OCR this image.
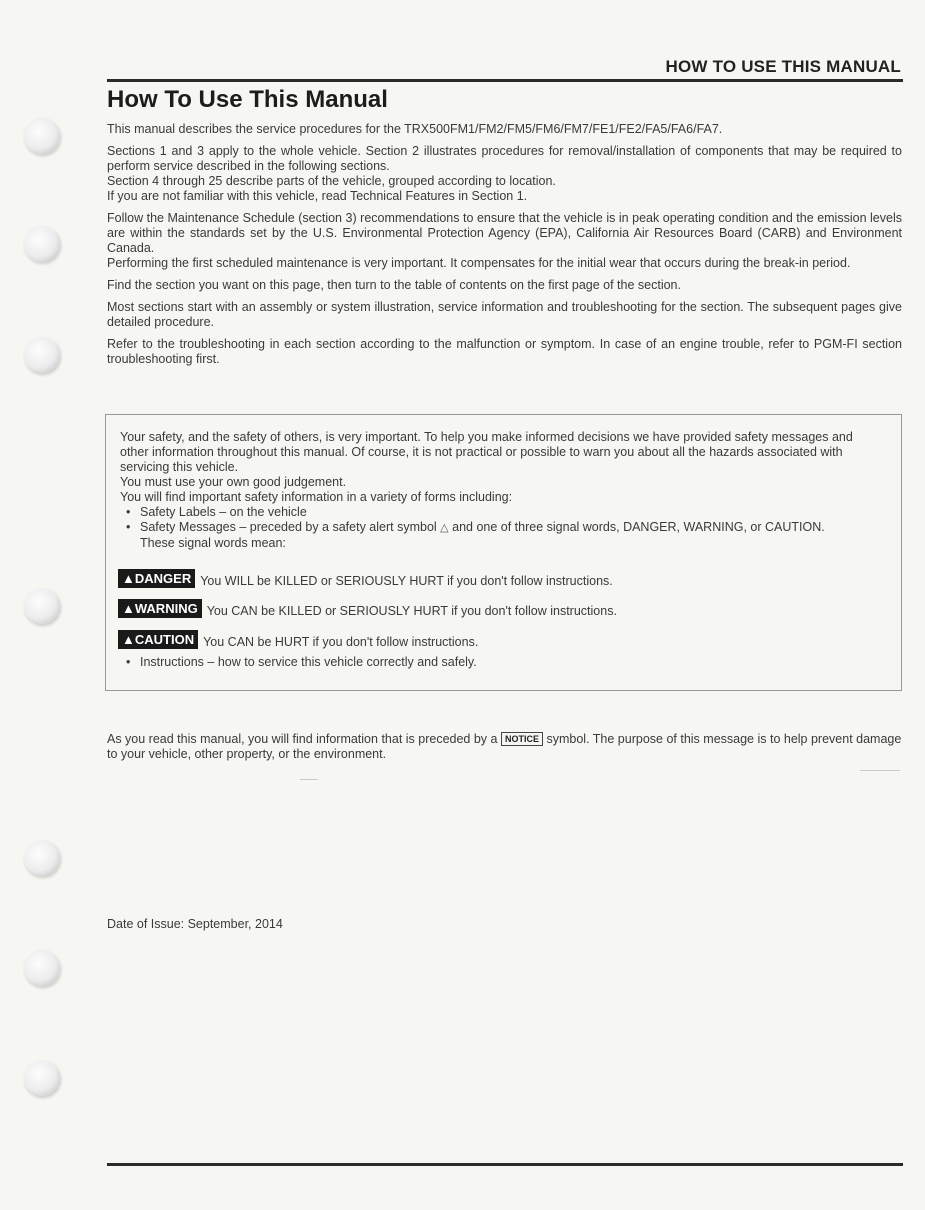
HOW TO USE THIS MANUAL
How To Use This Manual

This manual describes the service procedures for the TRX500FM1/FM2/FM5/FM6/FM7/FE1/FE2/FA5/FA6/FA7.

Sections 1 and 3 apply to the whole vehicle. Section 2 illustrates procedures for removal/installation of components that may be required to perform service described in the following sections.

Section 4 through 25 describe parts of the vehicle, grouped according to location.

If you are not familiar with this vehicle, read Technical Features in Section 1.

Follow the Maintenance Schedule (section 3) recommendations to ensure that the vehicle is in peak operating condition and the emission levels are within the standards set by the U.S. Environmental Protection Agency (EPA), California Air Resources Board (CARB) and Environment Canada.

Performing the first scheduled maintenance is very important. It compensates for the initial wear that occurs during the break-in period.

Find the section you want on this page, then turn to the table of contents on the first page of the section.

Most sections start with an assembly or system illustration, service information and troubleshooting for the section. The subsequent pages give detailed procedure.

Refer to the troubleshooting in each section according to the malfunction or symptom. In case of an engine trouble, refer to PGM-FI section troubleshooting first.

Your safety, and the safety of others, is very important. To help you make informed decisions we have provided safety messages and other information throughout this manual. Of course, it is not practical or possible to warn you about all the hazards associated with servicing this vehicle.

You must use your own good judgement.

You will find important safety information in a variety of forms including:

• Safety Labels – on the vehicle

• Safety Messages – preceded by a safety alert symbol △ and one of three signal words, DANGER, WARNING, or CAUTION.
These signal words mean:

▲DANGER You WILL be KILLED or SERIOUSLY HURT if you don't follow instructions.
▲WARNING You CAN be KILLED or SERIOUSLY HURT if you don't follow instructions.
▲CAUTION You CAN be HURT if you don't follow instructions.

• Instructions – how to service this vehicle correctly and safely.

As you read this manual, you will find information that is preceded by a NOTICE symbol. The purpose of this message is to help prevent damage to your vehicle, other property, or the environment.
Date of Issue: September, 2014
